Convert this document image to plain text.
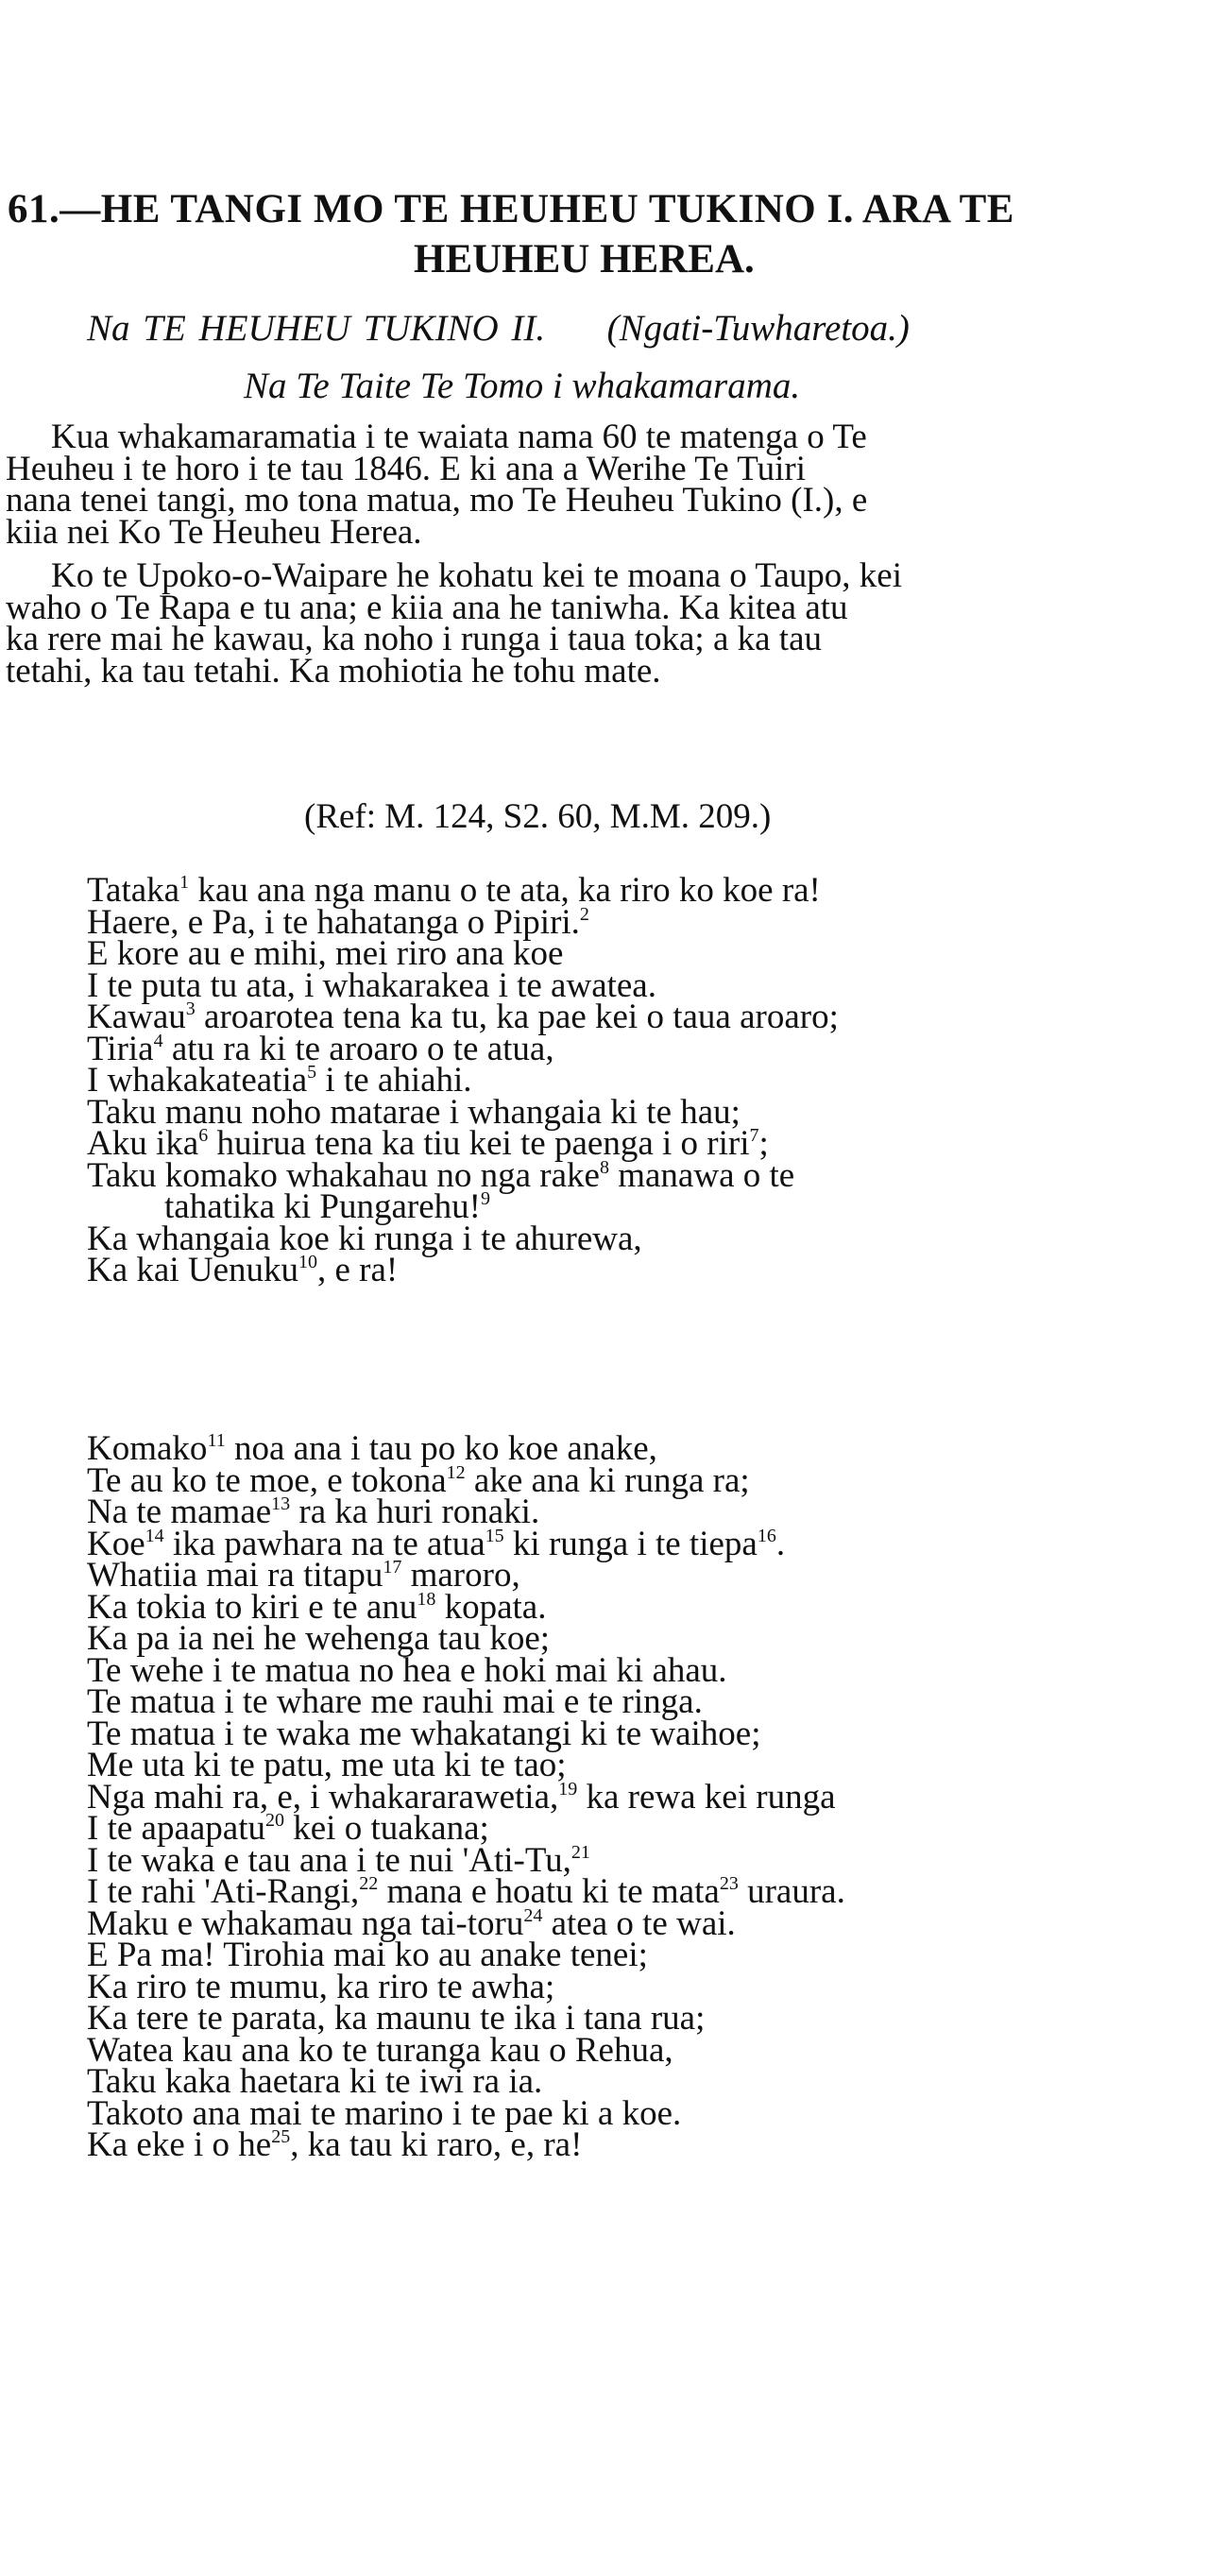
61.—HE TANGI MO TE HEUHEU TUKINO I. ARA TE
HEUHEU HEREA.
Na TE HEUHEU TUKINO II. (Ngati-Tuwharetoa.)
Na Te Taite Te Tomo i whakamarama.
Kua whakamaramatia i te waiata nama 60 te matenga o Te
Heuheu i te horo i te tau 1846. E ki ana a Werihe Te Tuiri
nana tenei tangi, mo tona matua, mo Te Heuheu Tukino (I.), e
kiia nei Ko Te Heuheu Herea.
Ko te Upoko-o-Waipare he kohatu kei te moana o Taupo, kei
waho o Te Rapa e tu ana; e kiia ana he taniwha. Ka kitea atu
ka rere mai he kawau, ka noho i runga i taua toka; a ka tau
tetahi, ka tau tetahi. Ka mohiotia he tohu mate.
(Ref: M. 124, S2. 60, M.M. 209.)
Tataka$^1$ kau ana nga manu o te ata, ka riro ko koe ra!
Haere, e Pa, i te hahatanga o Pipiri.$^2$
E kore au e mihi, mei riro ana koe
I te puta tu ata, i whakarakea i te awatea.
Kawau$^3$ aroarotea tena ka tu, ka pae kei o taua aroaro;
Tiria$^4$ atu ra ki te aroaro o te atua,
I whakakateatia$^5$ i te ahiahi.
Taku manu noho matarae i whangaia ki te hau;
Aku ika$^6$ huirua tena ka tiu kei te paenga i o riri$^7$;
Taku komako whakahau no nga rake$^8$ manawa o te
tahatika ki Pungarehu!$^9$
Ka whangaia koe ki runga i te ahurewa,
Ka kai Uenuku$^{10}$, e ra!
Komako$^{11}$ noa ana i tau po ko koe anake,
Te au ko te moe, e tokona$^{12}$ ake ana ki runga ra;
Na te mamae$^{13}$ ra ka huri ronaki.
Koe$^{14}$ ika pawhara na te atua$^{15}$ ki runga i te tiepa$^{16}$.
Whatiia mai ra titapu$^{17}$ maroro,
Ka tokia to kiri e te anu$^{18}$ kopata.
Ka pa ia nei he wehenga tau koe;
Te wehe i te matua no hea e hoki mai ki ahau.
Te matua i te whare me rauhi mai e te ringa.
Te matua i te waka me whakatangi ki te waihoe;
Me uta ki te patu, me uta ki te tao;
Nga mahi ra, e, i whakararawetia,$^{19}$ ka rewa kei runga
I te apaapatu$^{20}$ kei o tuakana;
I te waka e tau ana i te nui 'Ati-Tu,$^{21}$
I te rahi 'Ati-Rangi,$^{22}$ mana e hoatu ki te mata$^{23}$ uraura.
Maku e whakamau nga tai-toru$^{24}$ atea o te wai.
E Pa ma! Tirohia mai ko au anake tenei;
Ka riro te mumu, ka riro te awha;
Ka tere te parata, ka maunu te ika i tana rua;
Watea kau ana ko te turanga kau o Rehua,
Taku kaka haetara ki te iwi ra ia.
Takoto ana mai te marino i te pae ki a koe.
Ka eke i o $he^{25}$, ka tau ki raro, e, ra!
